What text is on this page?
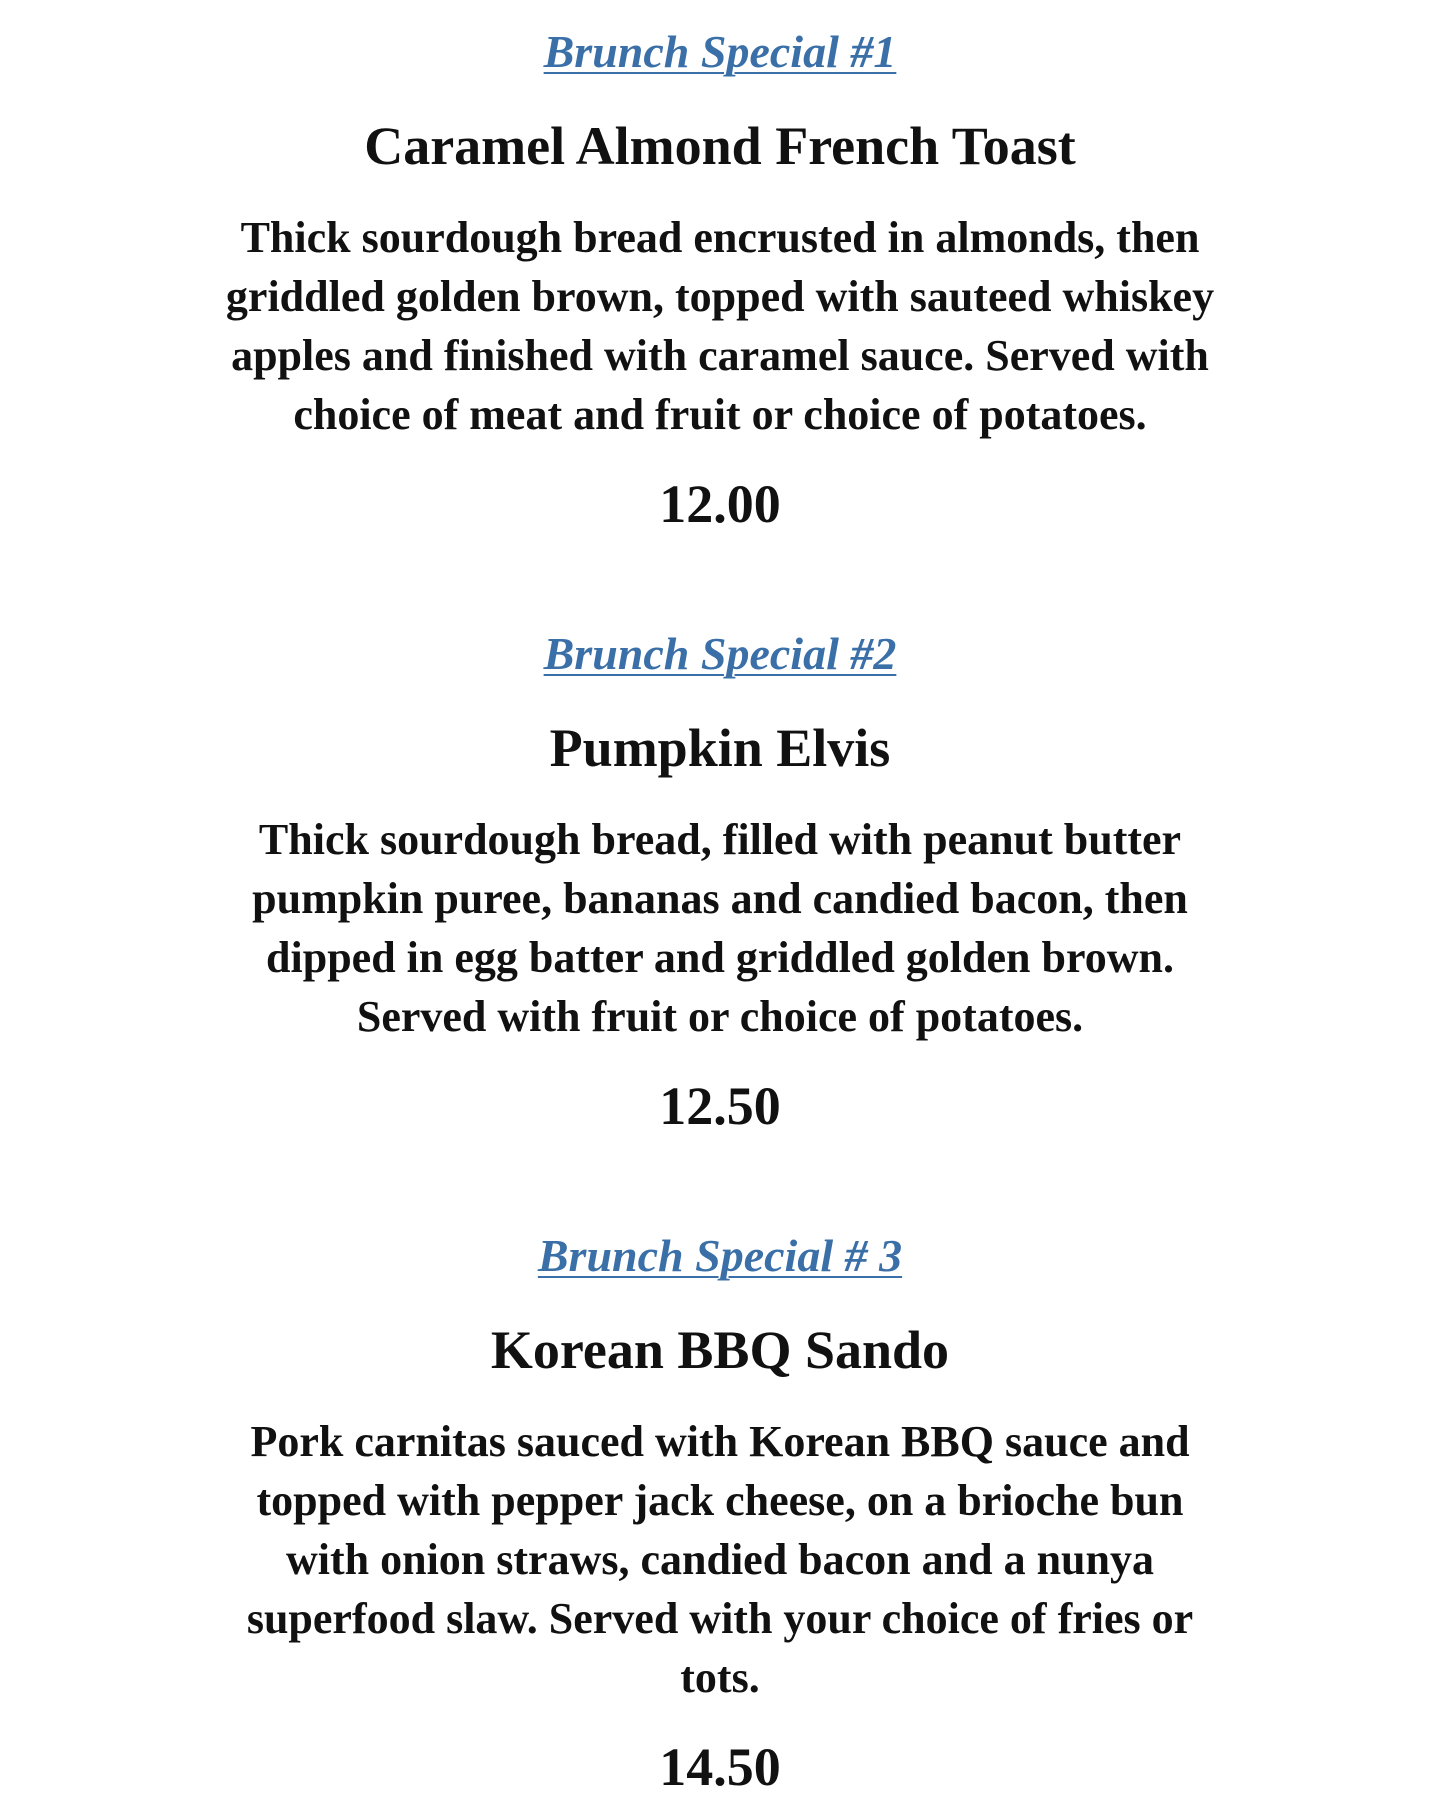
Brunch Special #1
Caramel Almond French Toast
Thick sourdough bread encrusted in almonds, then griddled golden brown, topped with sauteed whiskey apples and finished with caramel sauce. Served with choice of meat and fruit or choice of potatoes.
12.00
Brunch Special #2
Pumpkin Elvis
Thick sourdough bread, filled with peanut butter pumpkin puree, bananas and candied bacon, then dipped in egg batter and griddled golden brown. Served with fruit or choice of potatoes.
12.50
Brunch Special # 3
Korean BBQ Sando
Pork carnitas sauced with Korean BBQ sauce and topped with pepper jack cheese, on a brioche bun with onion straws, candied bacon and a nunya superfood slaw. Served with your choice of fries or tots.
14.50
